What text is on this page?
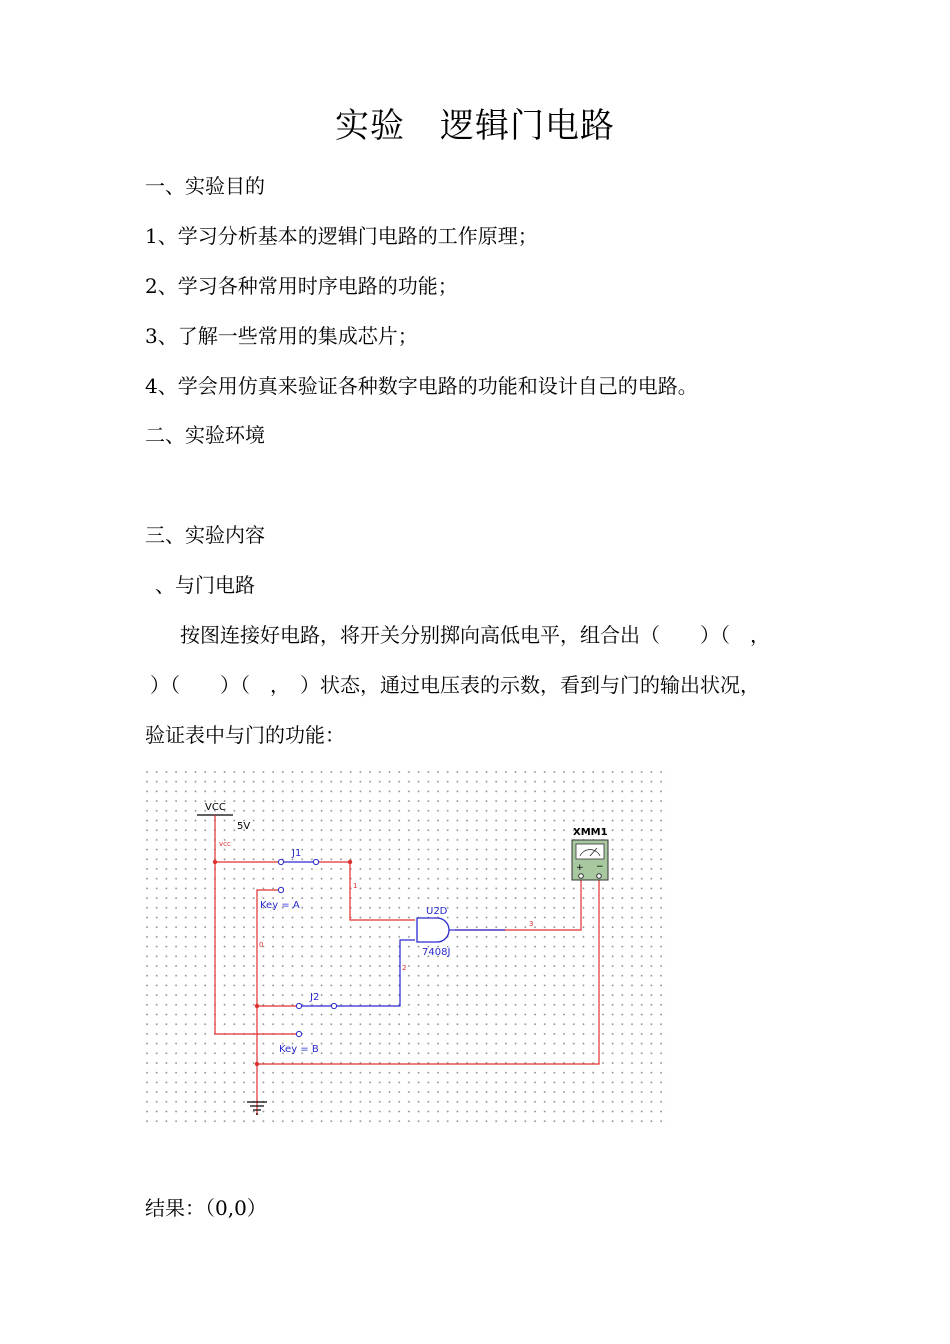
实验　逻辑门电路
一、实验目的
1、学习分析基本的逻辑门电路的工作原理；
2、学习各种常用时序电路的功能；
3、了解一些常用的集成芯片；
4、学会用仿真来验证各种数字电路的功能和设计自己的电路。
二、实验环境
三、实验内容
、与门电路
按图连接好电路，将开关分别掷向高低电平，组合出（　　）（　，
）（　　）（　，　）状态，通过电压表的示数，看到与门的输出状况，
验证表中与门的功能：
VCC
5V
vcc
J1
Key = A
J2
Key = B
U2D
7408J
1
2
3
0
XMM1
+ −
结果：（0,0）
